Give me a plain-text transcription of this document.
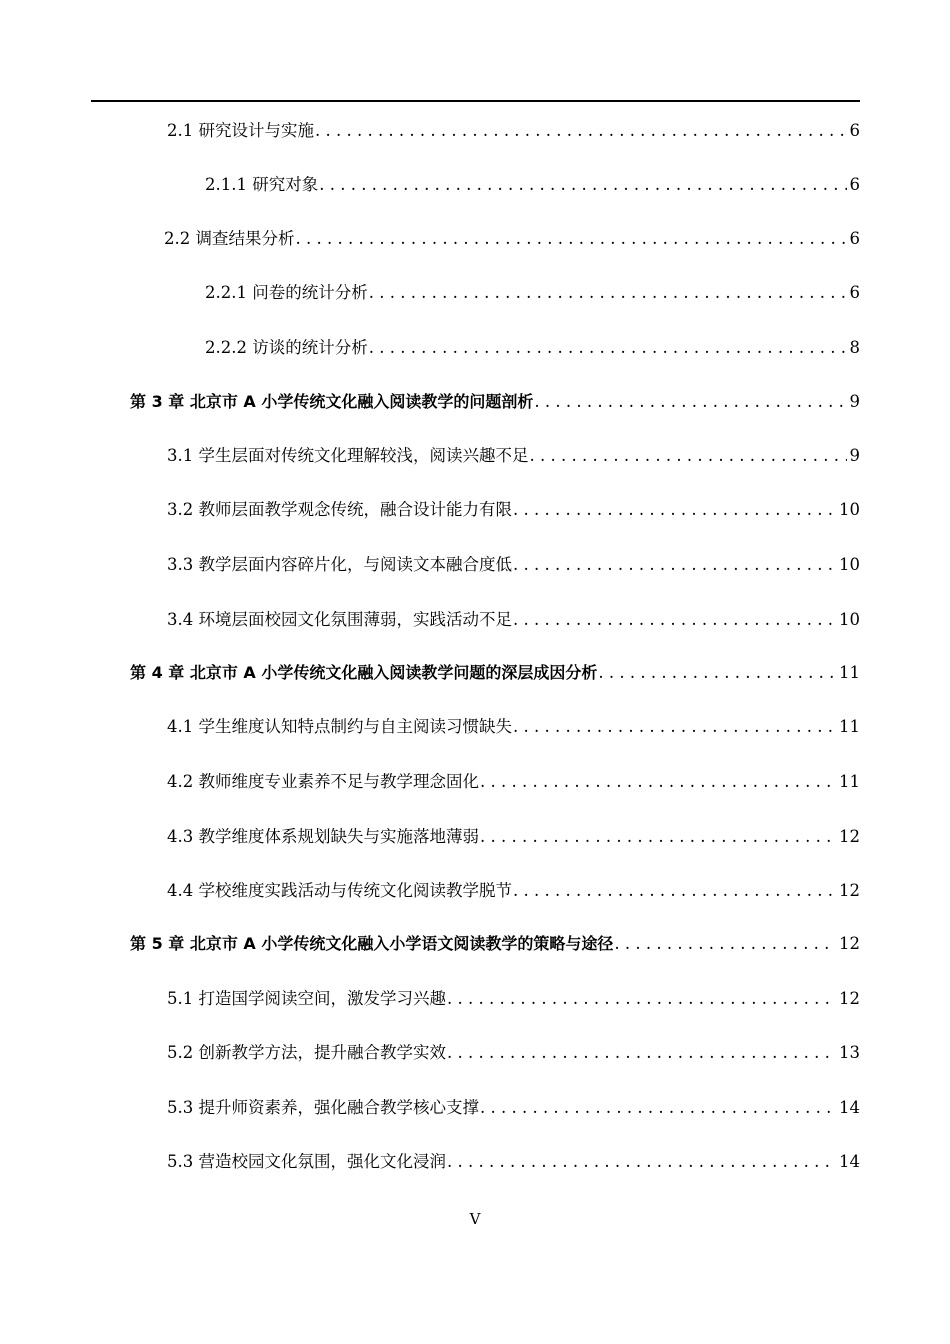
2.1 研究设计与实施 . . .	6
2.1.1 研究对象 . . .	6
2.2 调查结果分析 . . .	6
2.2.1 问卷的统计分析 . . .	6
2.2.2 访谈的统计分析 . . .	8
第 3 章 北京市 A 小学传统文化融入阅读教学的问题剖析 . . .	9
3.1 学生层面对传统文化理解较浅，阅读兴趣不足 . . .	9
3.2 教师层面教学观念传统，融合设计能力有限 . . .	10
3.3 教学层面内容碎片化，与阅读文本融合度低 . . .	10
3.4 环境层面校园文化氛围薄弱，实践活动不足 . . .	10
第 4 章 北京市 A 小学传统文化融入阅读教学问题的深层成因分析 . . .	11
4.1 学生维度认知特点制约与自主阅读习惯缺失 . . .	11
4.2 教师维度专业素养不足与教学理念固化 . . .	11
4.3 教学维度体系规划缺失与实施落地薄弱 . . .	12
4.4 学校维度实践活动与传统文化阅读教学脱节 . . .	12
第 5 章 北京市 A 小学传统文化融入小学语文阅读教学的策略与途径 . . .	12
5.1 打造国学阅读空间，激发学习兴趣 . . .	12
5.2 创新教学方法，提升融合教学实效 . . .	13
5.3 提升师资素养，强化融合教学核心支撑 . . .	14
5.3 营造校园文化氛围，强化文化浸润 . . .	14
V
